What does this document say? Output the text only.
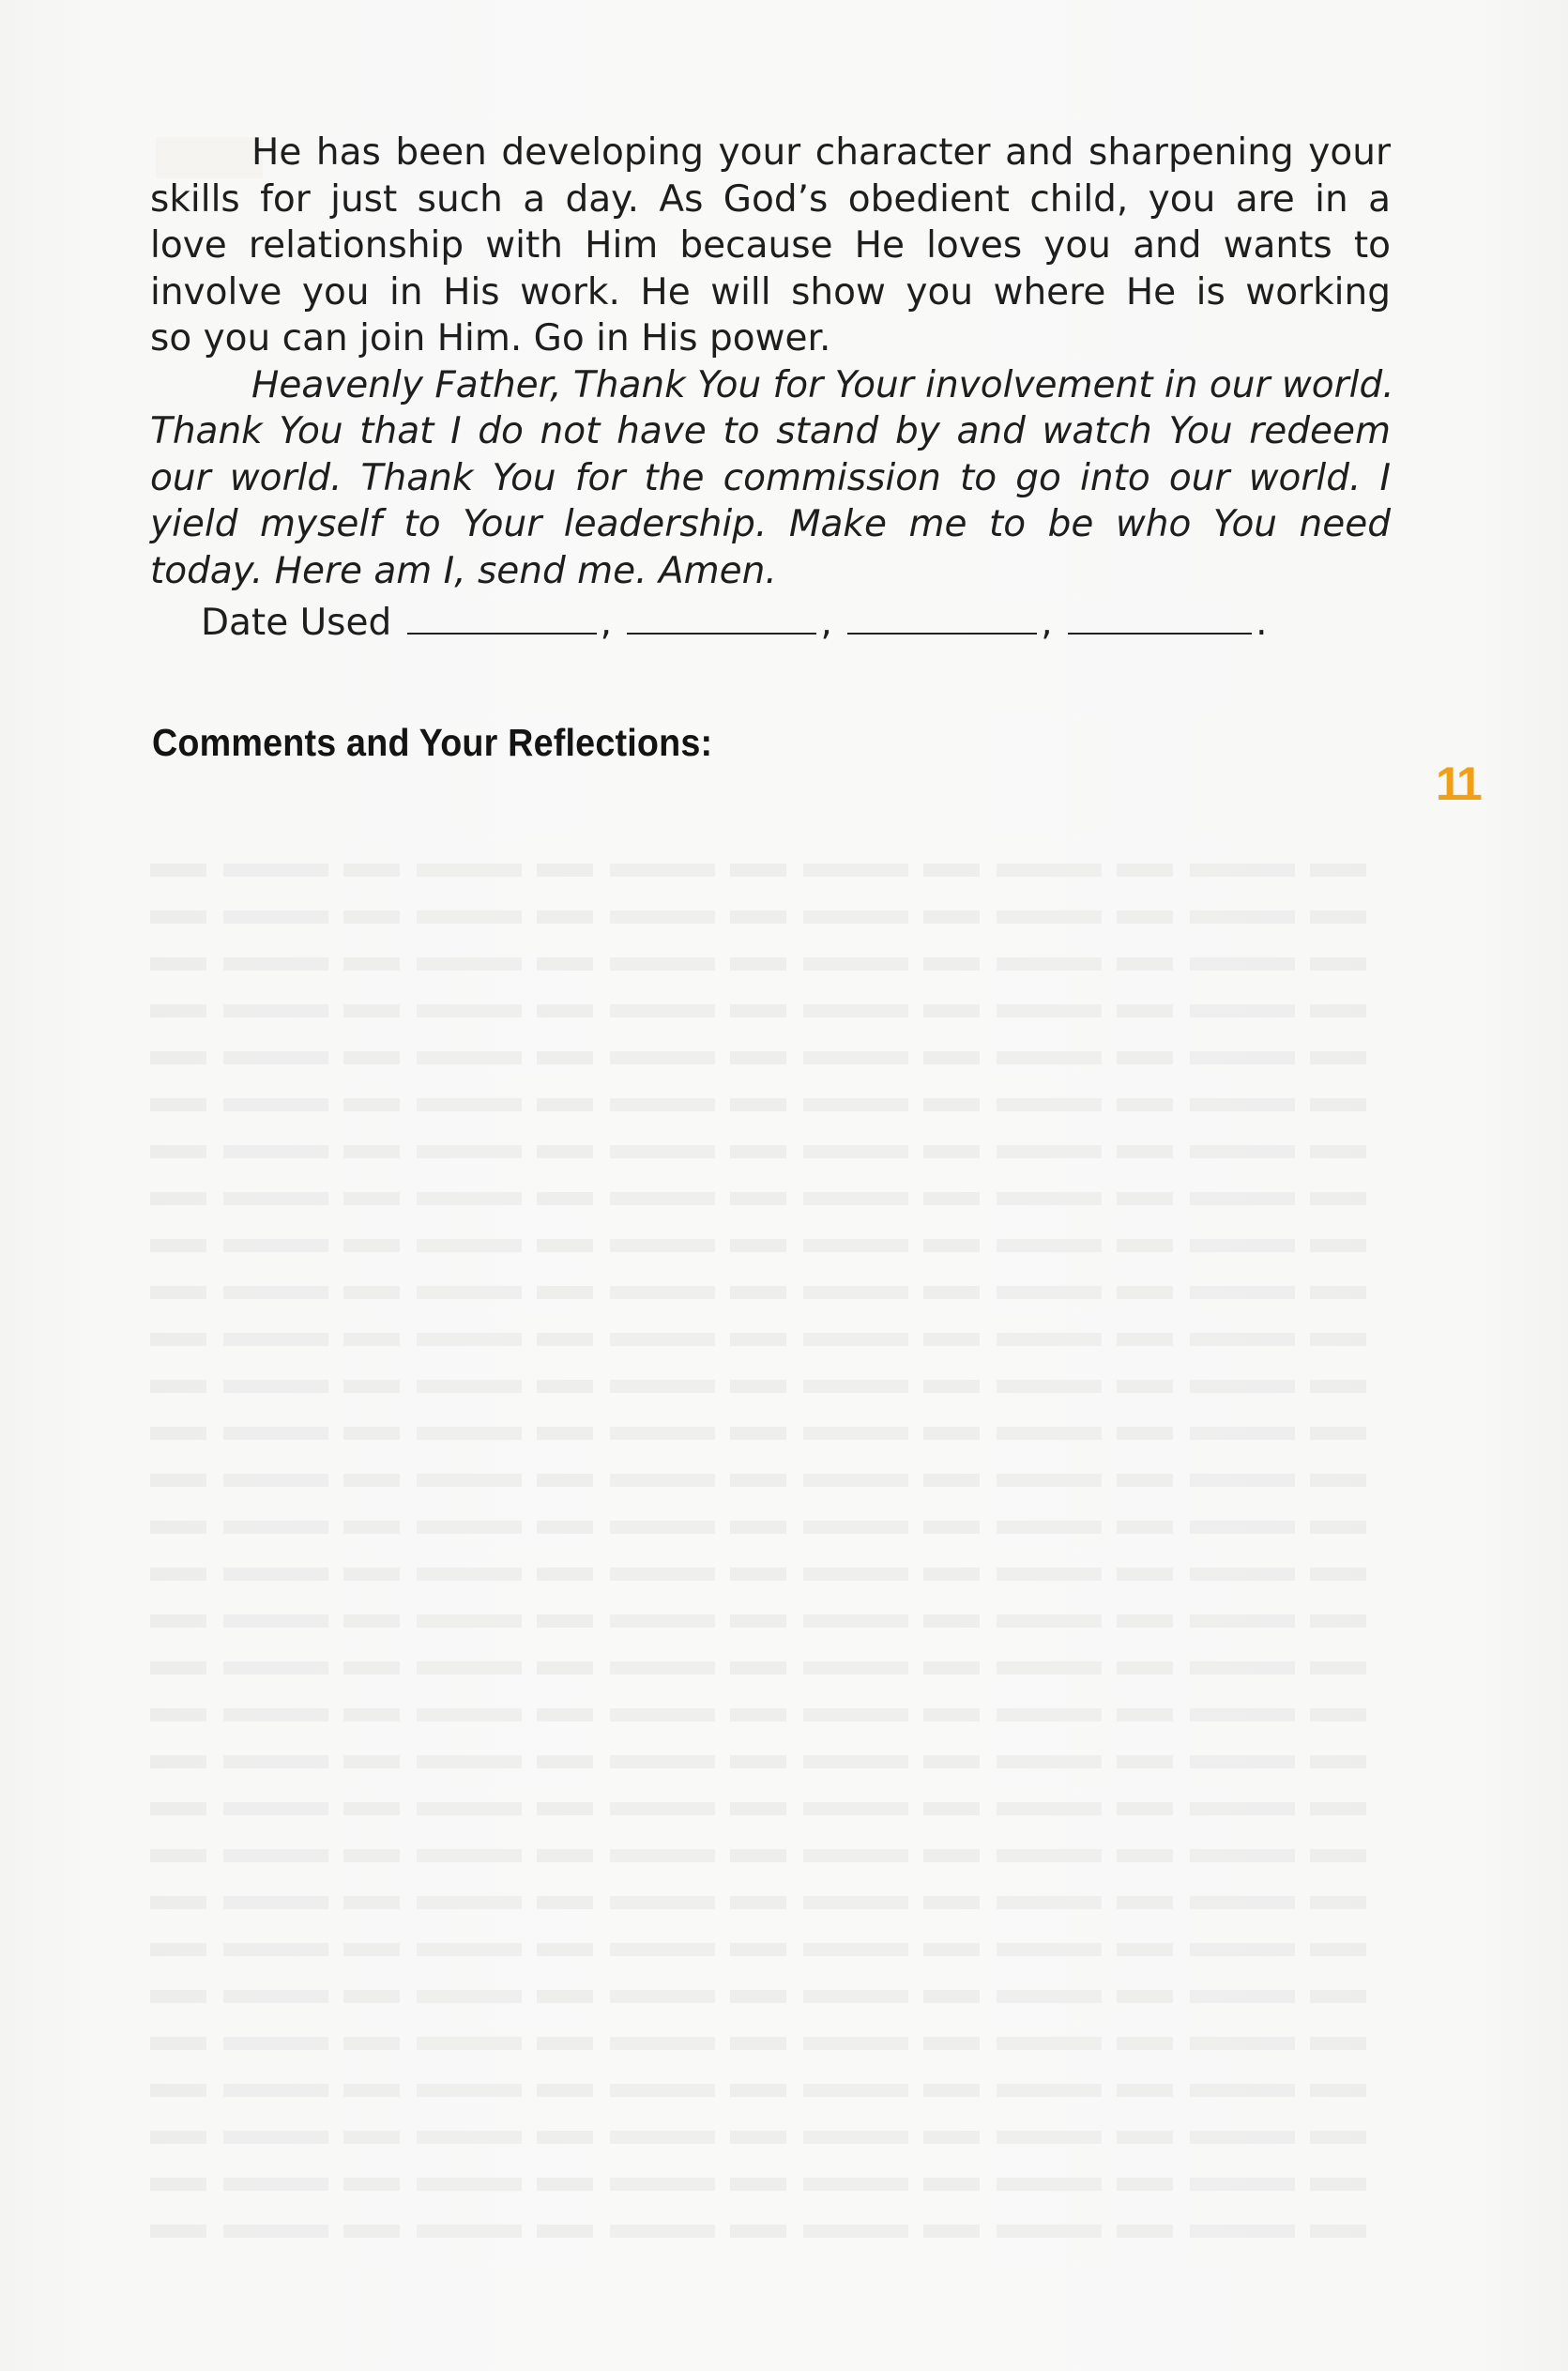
He has been developing your character and sharpening your
skills for just such a day. As God’s obedient child, you are in a
love relationship with Him because He loves you and wants to
involve you in His work. He will show you where He is working
so you can join Him. Go in His power.

Heavenly Father, Thank You for Your involvement in our world.
Thank You that I do not have to stand by and watch You redeem
our world. Thank You for the commission to go into our world. I
yield myself to Your leadership. Make me to be who You need
today. Here am I, send me. Amen.

Date Used	,	,	,	.
Comments and Your Reflections:
11
